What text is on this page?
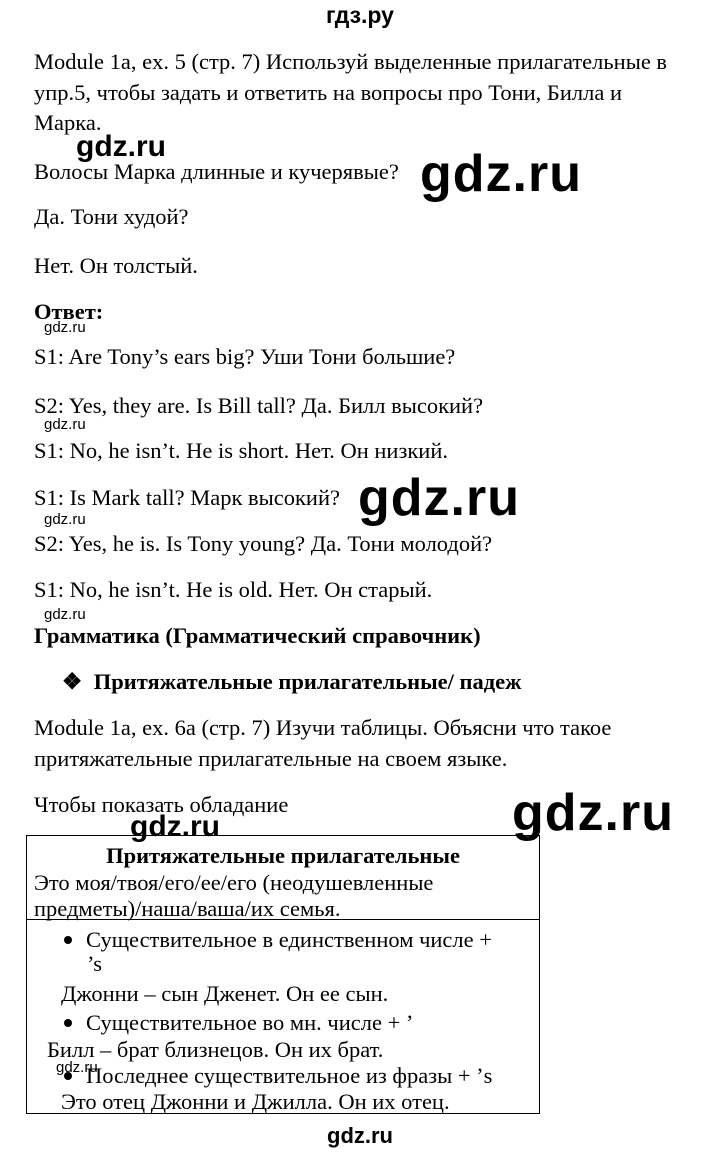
гдз.ру
Module 1a, ex. 5 (стр. 7) Используй выделенные прилагательные в
упр.5, чтобы задать и ответить на вопросы про Тони, Билла и
Марка.
Волосы Марка длинные и кучерявые?
Да. Тони худой?
Нет. Он толстый.
Ответ:
S1: Are Tony’s ears big? Уши Тони большие?
S2: Yes, they are. Is Bill tall? Да. Билл высокий?
S1: No, he isn’t. He is short. Нет. Он низкий.
S1: Is Mark tall? Марк высокий?
S2: Yes, he is. Is Tony young? Да. Тони молодой?
S1: No, he isn’t. He is old. Нет. Он старый.
Грамматика (Грамматический справочник)
❖ Притяжательные прилагательные/ падеж
Module 1a, ex. 6a (стр. 7) Изучи таблицы. Объясни что такое
притяжательные прилагательные на своем языке.
Чтобы показать обладание
Притяжательные прилагательные
Это моя/твоя/его/ее/его (неодушевленные
предметы)/наша/ваша/их семья.
Существительное в единственном числе +
’s
Джонни – сын Дженет. Он ее сын.
Существительное во мн. числе + ’
Билл – брат близнецов. Он их брат.
Последнее существительное из фразы + ’s
Это отец Джонни и Джилла. Он их отец.
gdz.ru	gdz.ru
gdz.ru
gdz.ru
gdz.ru
gdz.ru
gdz.ru
gdz.ru
gdz.ru
gdz.ru
gdz.ru
